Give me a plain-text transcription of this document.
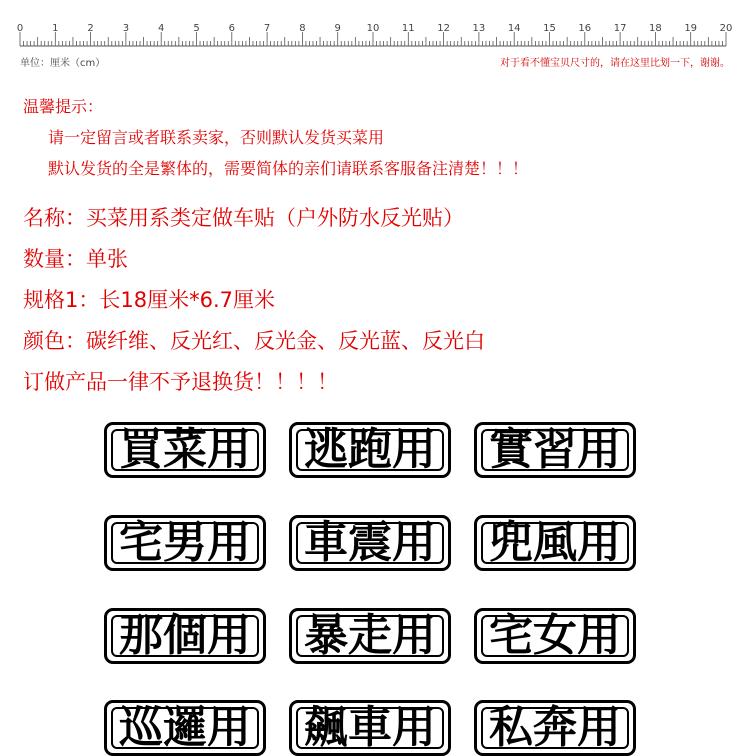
0	1	2	3	4	5	6	7	8	9	10 11 12 13 14 15 16 17 18 19 20
单位：厘米（cm）	对于看不懂宝贝尺寸的，请在这里比划一下，谢谢。
温馨提示：
请一定留言或者联系卖家，否则默认发货买菜用
默认发货的全是繁体的，需要简体的亲们请联系客服备注清楚！！！
名称：买菜用系类定做车贴（户外防水反光贴）
数量：单张
规格1：长18厘米*6.7厘米
颜色：碳纤维、反光红、反光金、反光蓝、反光白
订做产品一律不予退换货！！！！
買菜用 逃跑用 實習用
宅男用 車震用 兜風用
那個用 暴走用 宅女用
巡邏用 飆車用 私奔用
